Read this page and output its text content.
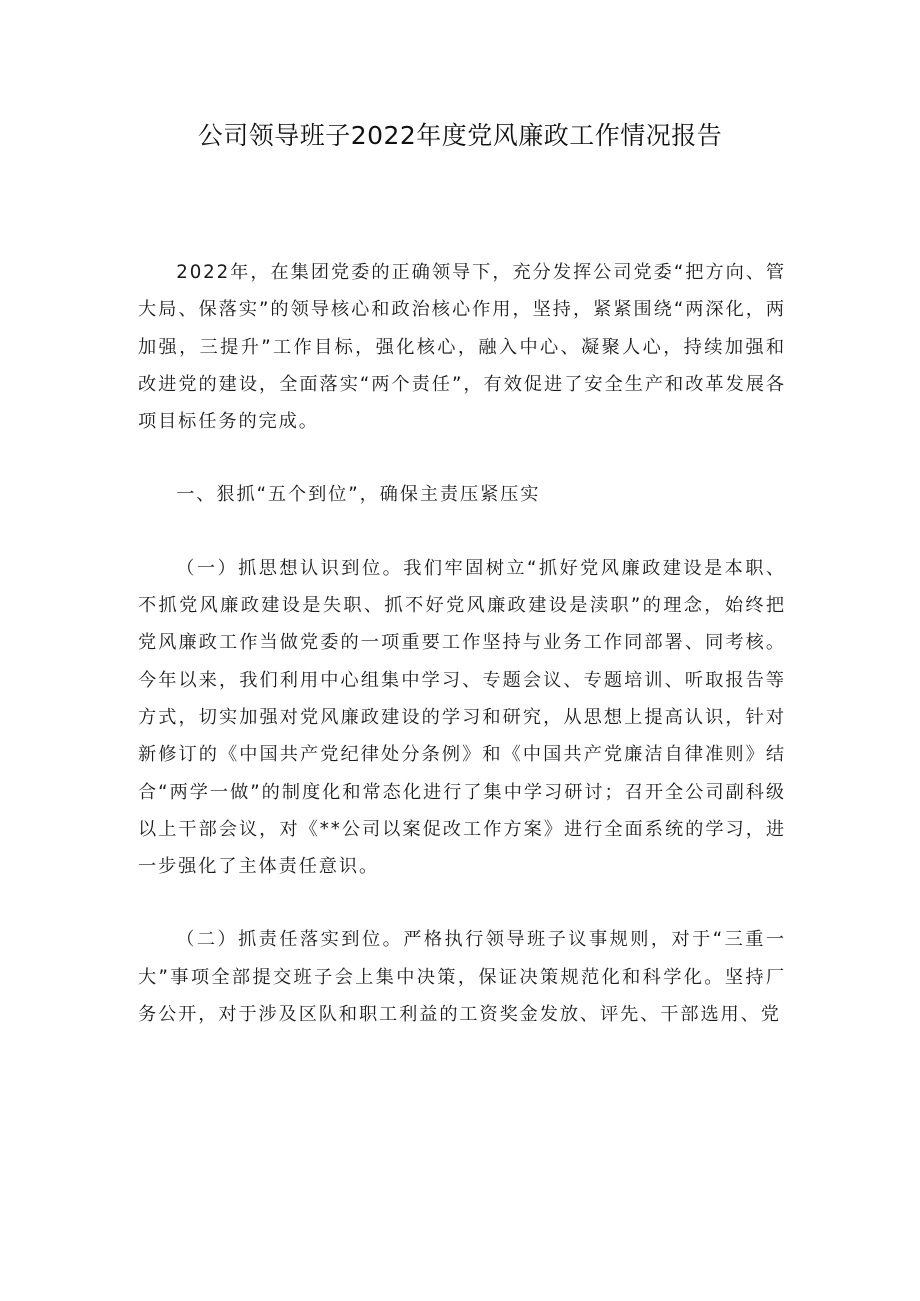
公司领导班子2022年度党风廉政工作情况报告

2022年，在集团党委的正确领导下，充分发挥公司党委“把方向、管大局、保落实”的领导核心和政治核心作用，坚持，紧紧围绕“两深化，两加强，三提升”工作目标，强化核心，融入中心、凝聚人心，持续加强和改进党的建设，全面落实“两个责任”，有效促进了安全生产和改革发展各项目标任务的完成。

一、狠抓“五个到位”，确保主责压紧压实

（一）抓思想认识到位。我们牢固树立“抓好党风廉政建设是本职、不抓党风廉政建设是失职、抓不好党风廉政建设是渎职”的理念，始终把党风廉政工作当做党委的一项重要工作坚持与业务工作同部署、同考核。今年以来，我们利用中心组集中学习、专题会议、专题培训、听取报告等方式，切实加强对党风廉政建设的学习和研究，从思想上提高认识，针对新修订的《中国共产党纪律处分条例》和《中国共产党廉洁自律准则》结合“两学一做”的制度化和常态化进行了集中学习研讨；召开全公司副科级以上干部会议，对《**公司以案促改工作方案》进行全面系统的学习，进一步强化了主体责任意识。

（二）抓责任落实到位。严格执行领导班子议事规则，对于“三重一大”事项全部提交班子会上集中决策，保证决策规范化和科学化。坚持厂务公开，对于涉及区队和职工利益的工资奖金发放、评先、干部选用、党
